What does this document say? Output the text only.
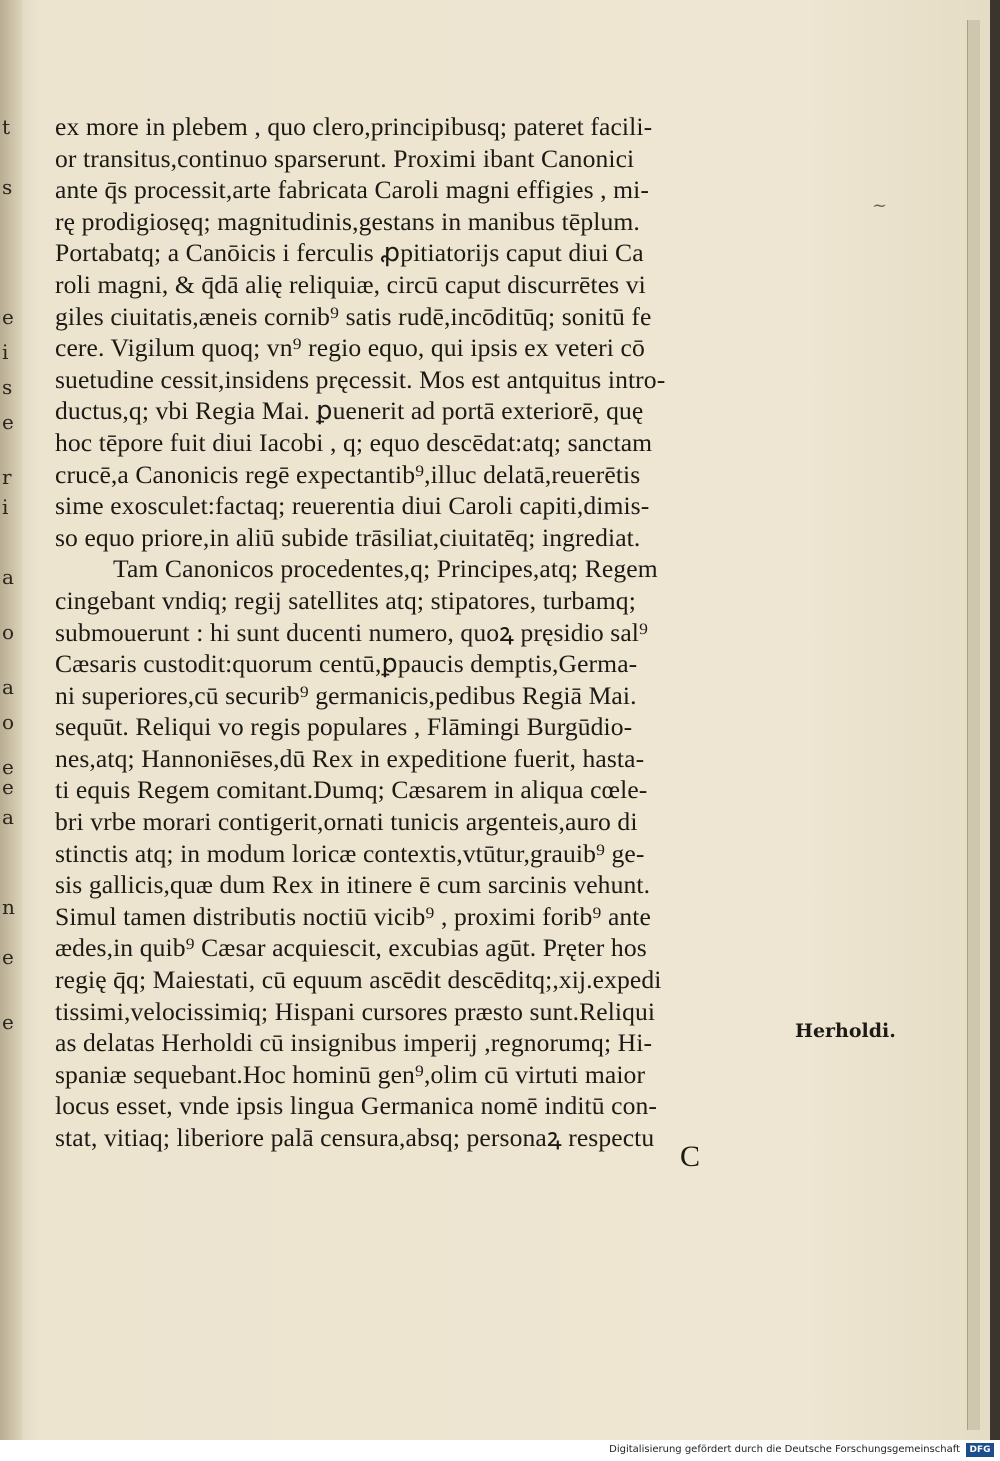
t
s
e
i
s
e
r
i
a
o
a
o
e
e
a
n
e
e
ex more in plebem , quo clero,principibusq; pateret facili-
or transitus,continuo sparserunt. Proximi ibant Canonici
ante q̄s processit,arte fabricata Caroli magni effigies , mi-
rę prodigiosęq; magnitudinis,gestans in manibus tēplum.
Portabatq; a Canōicis i ferculis ꝓpitiatorijs caput diui Ca
roli magni, & q̄dā alię reliquiæ, circū caput discurrētes vi
giles ciuitatis,æneis cornib⁹ satis rudē,incōditūq; sonitū fe
cere. Vigilum quoq; vn⁹ regio equo, qui ipsis ex veteri cō
suetudine cessit,insidens pręcessit. Mos est antquitus intro-
ductus,q; vbi Regia Mai. ꝑuenerit ad portā exteriorē, quę
hoc tēpore fuit diui Iacobi , q; equo descēdat:atq; sanctam
crucē,a Canonicis regē expectantib⁹,illuc delatā,reuerētis
sime exosculet:factaq; reuerentia diui Caroli capiti,dimis-
so equo priore,in aliū subide trāsiliat,ciuitatēq; ingrediat.
Tam Canonicos procedentes,q; Principes,atq; Regem
cingebant vndiq; regij satellites atq; stipatores, turbamq;
submouerunt : hi sunt ducenti numero, quoꝝ pręsidio sal⁹
Cæsaris custodit:quorum centū,ꝑpaucis demptis,Germa-
ni superiores,cū securib⁹ germanicis,pedibus Regiā Mai.
sequūt. Reliqui vo regis populares , Flāmingi Burgūdio-
nes,atq; Hannoniēses,dū Rex in expeditione fuerit, hasta-
ti equis Regem comitant.Dumq; Cæsarem in aliqua cœle-
bri vrbe morari contigerit,ornati tunicis argenteis,auro di
stinctis atq; in modum loricæ contextis,vtūtur,grauib⁹ ge-
sis gallicis,quæ dum Rex in itinere ē cum sarcinis vehunt.
Simul tamen distributis noctiū vicib⁹ , proximi forib⁹ ante
ædes,in quib⁹ Cæsar acquiescit, excubias agūt. Pręter hos
regię q̄q; Maiestati, cū equum ascēdit descēditq;,xij.expedi
tissimi,velocissimiq; Hispani cursores præsto sunt.Reliqui
as delatas Herholdi cū insignibus imperij ,regnorumq; Hi-
spaniæ sequebant.Hoc hominū gen⁹,olim cū virtuti maior
locus esset, vnde ipsis lingua Germanica nomē inditū con-
stat, vitiaq; liberiore palā censura,absq; personaꝝ respectu
~
Herholdi.
C
Digitalisierung gefördert durch die Deutsche Forschungsgemeinschaft	DFG
